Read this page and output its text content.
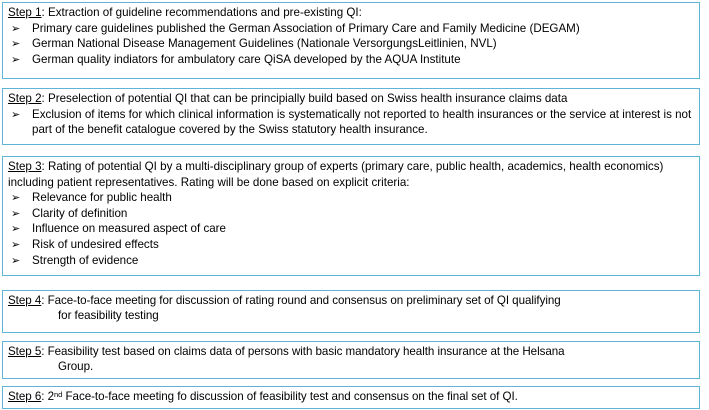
Step 1: Extraction of guideline recommendations and pre-existing QI:
➢ Primary care guidelines published the German Association of Primary Care and Family Medicine (DEGAM)
➢ German National Disease Management Guidelines (Nationale VersorgungsLeitlinien, NVL)
➢ German quality indiators for ambulatory care QiSA developed by the AQUA Institute
Step 2: Preselection of potential QI that can be principially build based on Swiss health insurance claims data
➢ Exclusion of items for which clinical information is systematically not reported to health insurances or the service at interest is not part of the benefit catalogue covered by the Swiss statutory health insurance.
Step 3: Rating of potential QI by a multi-disciplinary group of experts (primary care, public health, academics, health economics) including patient representatives. Rating will be done based on explicit criteria:
➢ Relevance for public health
➢ Clarity of definition
➢ Influence on measured aspect of care
➢ Risk of undesired effects
➢ Strength of evidence
Step 4: Face-to-face meeting for discussion of rating round and consensus on preliminary set of QI qualifying
for feasibility testing
Step 5: Feasibility test based on claims data of persons with basic mandatory health insurance at the Helsana
Group.
Step 6: 2nd Face-to-face meeting fo discussion of feasibility test and consensus on the final set of QI.
